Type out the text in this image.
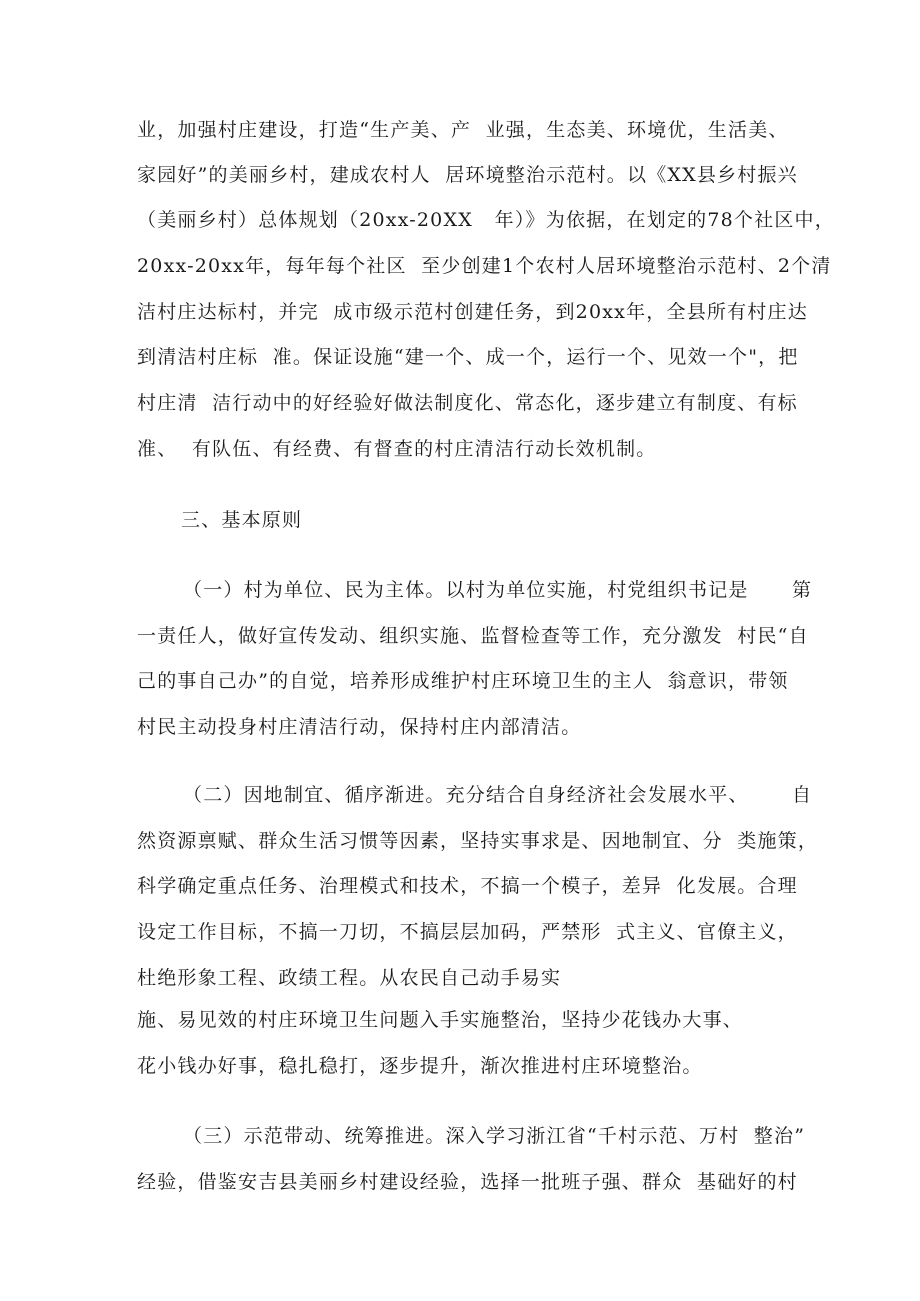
业，加强村庄建设，打造“生产美、产  业强，生态美、环境优，生活美、
家园好”的美丽乡村，建成农村人  居环境整治示范村。以《XX县乡村振兴
（美丽乡村）总体规划（20xx-20XX   年）》为依据，在划定的78个社区中，
20xx-20xx年，每年每个社区  至少创建1个农村人居环境整治示范村、2个清
洁村庄达标村，并完  成市级示范村创建任务，到20xx年，全县所有村庄达
到清洁村庄标  准。保证设施“建一个、成一个，运行一个、见效一个"，把
村庄清  洁行动中的好经验好做法制度化、常态化，逐步建立有制度、有标
准、  有队伍、有经费、有督查的村庄清洁行动长效机制。
三、基本原则
（一）村为单位、民为主体。以村为单位实施，村党组织书记是      第
一责任人，做好宣传发动、组织实施、监督检查等工作，充分激发  村民“自
己的事自己办”的自觉，培养形成维护村庄环境卫生的主人  翁意识，带领
村民主动投身村庄清洁行动，保持村庄内部清洁。
（二）因地制宜、循序渐进。充分结合自身经济社会发展水平、      自
然资源禀赋、群众生活习惯等因素，坚持实事求是、因地制宜、分  类施策，
科学确定重点任务、治理模式和技术，不搞一个模子，差异  化发展。合理
设定工作目标，不搞一刀切，不搞层层加码，严禁形  式主义、官僚主义，
杜绝形象工程、政绩工程。从农民自己动手易实
施、易见效的村庄环境卫生问题入手实施整治，坚持少花钱办大事、
花小钱办好事，稳扎稳打，逐步提升，渐次推进村庄环境整治。
（三）示范带动、统筹推进。深入学习浙江省“千村示范、万村  整治”
经验，借鉴安吉县美丽乡村建设经验，选择一批班子强、群众  基础好的村
